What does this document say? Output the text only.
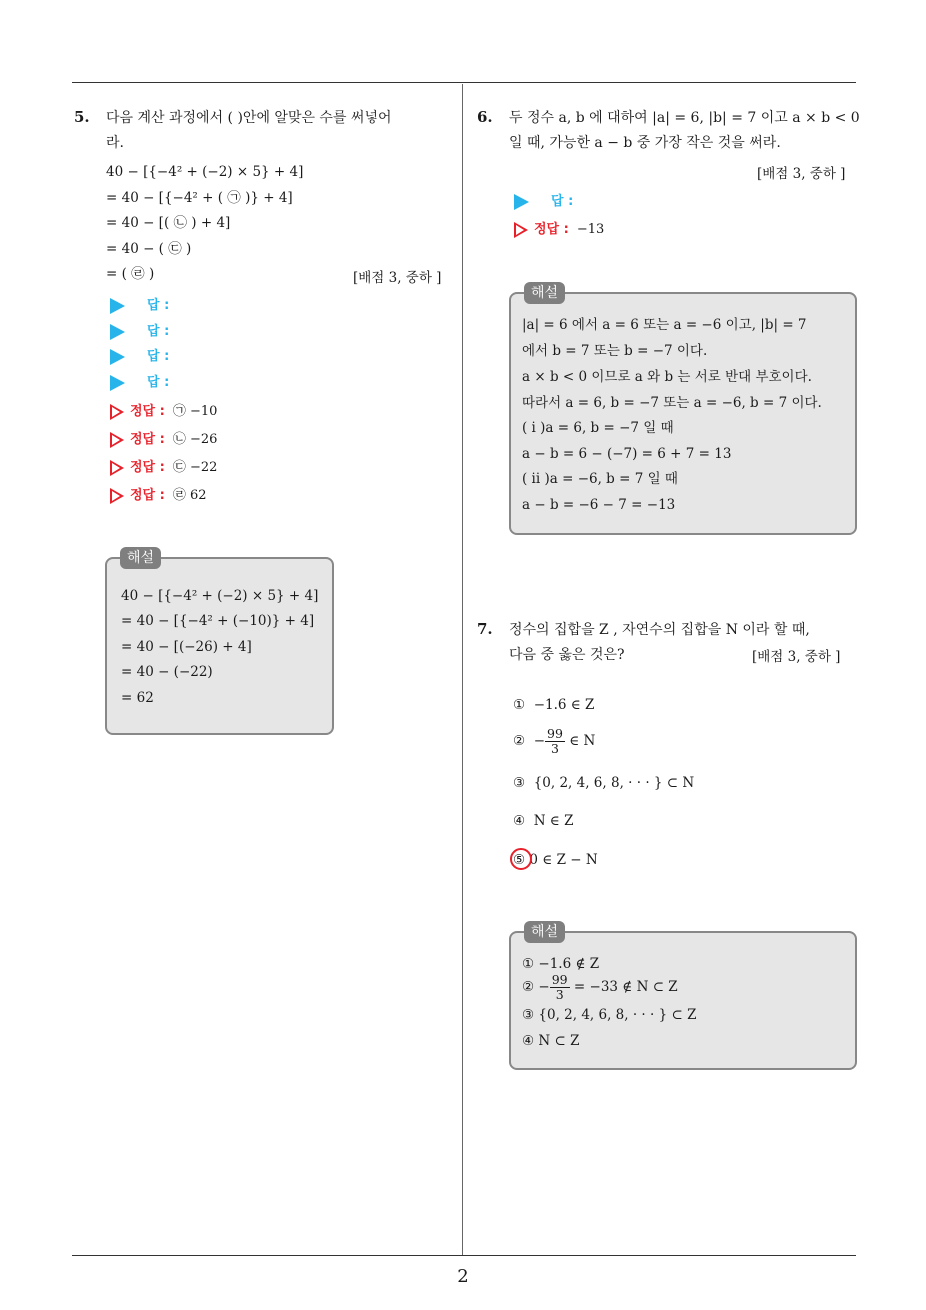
2
5. 다음 계산 과정에서 ( )안에 알맞은 수를 써넣어
라.
40 − [{−4² + (−2) × 5} + 4]
= 40 − [{−4² + ( ㉠ )} + 4]
= 40 − [( ㉡ ) + 4]
= 40 − ( ㉢ )
= ( ㉣ )	[배점 3, 중하 ]
답 :
답 :
답 :
답 :
정답 : ㉠ −10
정답 : ㉡ −26
정답 : ㉢ −22
정답 : ㉣ 62
해설
40 − [{−4² + (−2) × 5} + 4]
= 40 − [{−4² + (−10)} + 4]
= 40 − [(−26) + 4]
= 40 − (−22)
= 62
6. 두 정수 a, b 에 대하여 |a| = 6, |b| = 7 이고 a × b < 0
일 때, 가능한 a − b 중 가장 작은 것을 써라.
[배점 3, 중하 ]
답 :
정답 : −13
해설
|a| = 6 에서 a = 6 또는 a = −6 이고, |b| = 7
에서 b = 7 또는 b = −7 이다.
a × b < 0 이므로 a 와 b 는 서로 반대 부호이다.
따라서 a = 6, b = −7 또는 a = −6, b = 7 이다.
( i )a = 6, b = −7 일 때
a − b = 6 − (−7) = 6 + 7 = 13
( ii )a = −6, b = 7 일 때
a − b = −6 − 7 = −13
7. 정수의 집합을 Z , 자연수의 집합을 N 이라 할 때,
다음 중 옳은 것은?	[배점 3, 중하 ]
① −1.6 ∈ Z
② − $\frac{99}{3}$ ∈ N
③ {0, 2, 4, 6, 8, · · · } ⊂ N
④ N ∈ Z
⑤ 0 ∈ Z − N
해설
① −1.6 ∉ Z
② − $\frac{99}{3} = -33$ ∉ N ⊂ Z
③ {0, 2, 4, 6, 8, · · · } ⊂ Z
④ N ⊂ Z
